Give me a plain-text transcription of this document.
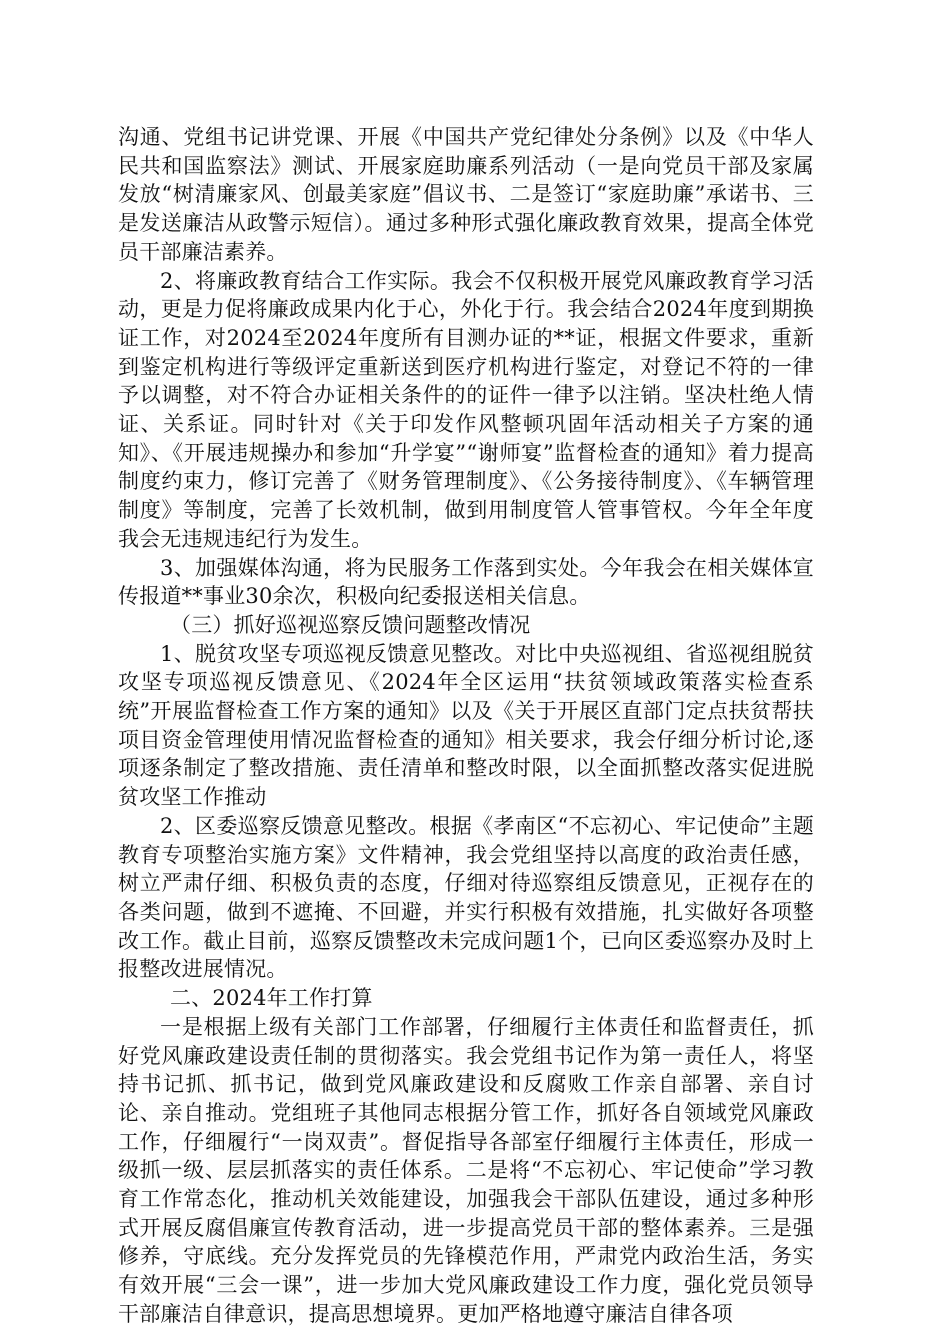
沟通、党组书记讲党课、开展《中国共产党纪律处分条例》以及《中华人民共和国监察法》测试、开展家庭助廉系列活动（一是向党员干部及家属发放“树清廉家风、创最美家庭”倡议书、二是签订“家庭助廉”承诺书、三是发送廉洁从政警示短信）。通过多种形式强化廉政教育效果，提高全体党员干部廉洁素养。

2、将廉政教育结合工作实际。我会不仅积极开展党风廉政教育学习活动，更是力促将廉政成果内化于心，外化于行。我会结合2024年度到期换证工作，对2024至2024年度所有目测办证的**证，根据文件要求，重新到鉴定机构进行等级评定重新送到医疗机构进行鉴定，对登记不符的一律予以调整，对不符合办证相关条件的的证件一律予以注销。坚决杜绝人情证、关系证。同时针对《关于印发作风整顿巩固年活动相关子方案的通知》、《开展违规操办和参加“升学宴”“谢师宴”监督检查的通知》着力提高制度约束力，修订完善了《财务管理制度》、《公务接待制度》、《车辆管理制度》等制度，完善了长效机制，做到用制度管人管事管权。今年全年度我会无违规违纪行为发生。

3、加强媒体沟通，将为民服务工作落到实处。今年我会在相关媒体宣传报道**事业30余次，积极向纪委报送相关信息。

（三）抓好巡视巡察反馈问题整改情况

1、脱贫攻坚专项巡视反馈意见整改。对比中央巡视组、省巡视组脱贫攻坚专项巡视反馈意见、《2024年全区运用“扶贫领域政策落实检查系统”开展监督检查工作方案的通知》以及《关于开展区直部门定点扶贫帮扶项目资金管理使用情况监督检查的通知》相关要求，我会仔细分析讨论,逐项逐条制定了整改措施、责任清单和整改时限，以全面抓整改落实促进脱贫攻坚工作推动

2、区委巡察反馈意见整改。根据《孝南区“不忘初心、牢记使命”主题教育专项整治实施方案》文件精神，我会党组坚持以高度的政治责任感，树立严肃仔细、积极负责的态度，仔细对待巡察组反馈意见，正视存在的各类问题，做到不遮掩、不回避，并实行积极有效措施，扎实做好各项整改工作。截止目前，巡察反馈整改未完成问题1个，已向区委巡察办及时上报整改进展情况。

二、2024年工作打算

一是根据上级有关部门工作部署，仔细履行主体责任和监督责任，抓好党风廉政建设责任制的贯彻落实。我会党组书记作为第一责任人，将坚持书记抓、抓书记，做到党风廉政建设和反腐败工作亲自部署、亲自讨论、亲自推动。党组班子其他同志根据分管工作，抓好各自领域党风廉政工作，仔细履行“一岗双责”。督促指导各部室仔细履行主体责任，形成一级抓一级、层层抓落实的责任体系。二是将“不忘初心、牢记使命”学习教育工作常态化，推动机关效能建设，加强我会干部队伍建设，通过多种形式开展反腐倡廉宣传教育活动，进一步提高党员干部的整体素养。三是强修养，守底线。充分发挥党员的先锋模范作用，严肃党内政治生活，务实有效开展“三会一课”，进一步加大党风廉政建设工作力度，强化党员领导干部廉洁自律意识，提高思想境界。更加严格地遵守廉洁自律各项
